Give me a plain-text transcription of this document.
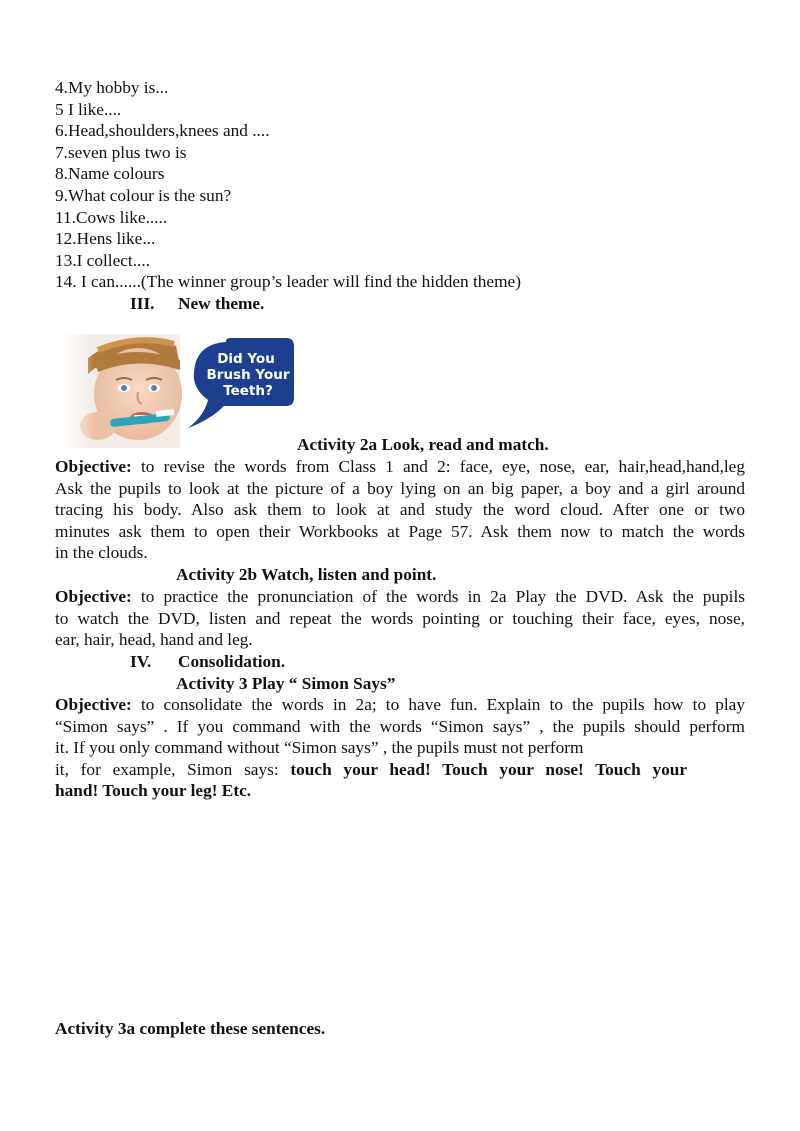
4.My hobby is...
5 I like....
6.Head,shoulders,knees and ....
7.seven plus two is
8.Name colours
9.What colour is the sun?
11.Cows like.....
12.Hens like...
13.I collect....
14. I can......(The winner group’s leader will find the hidden theme)
III. New theme.
Did You
Brush Your
Teeth?
Activity 2a Look, read and match.

Objective: to revise the words from Class 1 and 2: face, eye, nose, ear, hair,head,hand,leg

Ask the pupils to look at the picture of a boy lying on an big paper, a boy and a girl around

tracing his body. Also ask them to look at and study the word cloud. After one or two

minutes ask them to open their Workbooks at Page 57. Ask them now to match the words

in the clouds.

Activity 2b Watch, listen and point.

Objective: to practice the pronunciation of the words in 2a Play the DVD. Ask the pupils

to watch the DVD, listen and repeat the words pointing or touching their face, eyes, nose,

ear, hair, head, hand and leg.

IV. Consolidation.
Activity 3 Play “ Simon Says”

Objective: to consolidate the words in 2a; to have fun. Explain to the pupils how to play

“Simon says” . If you command with the words “Simon says” , the pupils should perform

it. If you only command without “Simon says” , the pupils must not perform

it, for example, Simon says: touch your head! Touch your nose! Touch your

hand! Touch your leg! Etc.

Activity 3a complete these sentences.
